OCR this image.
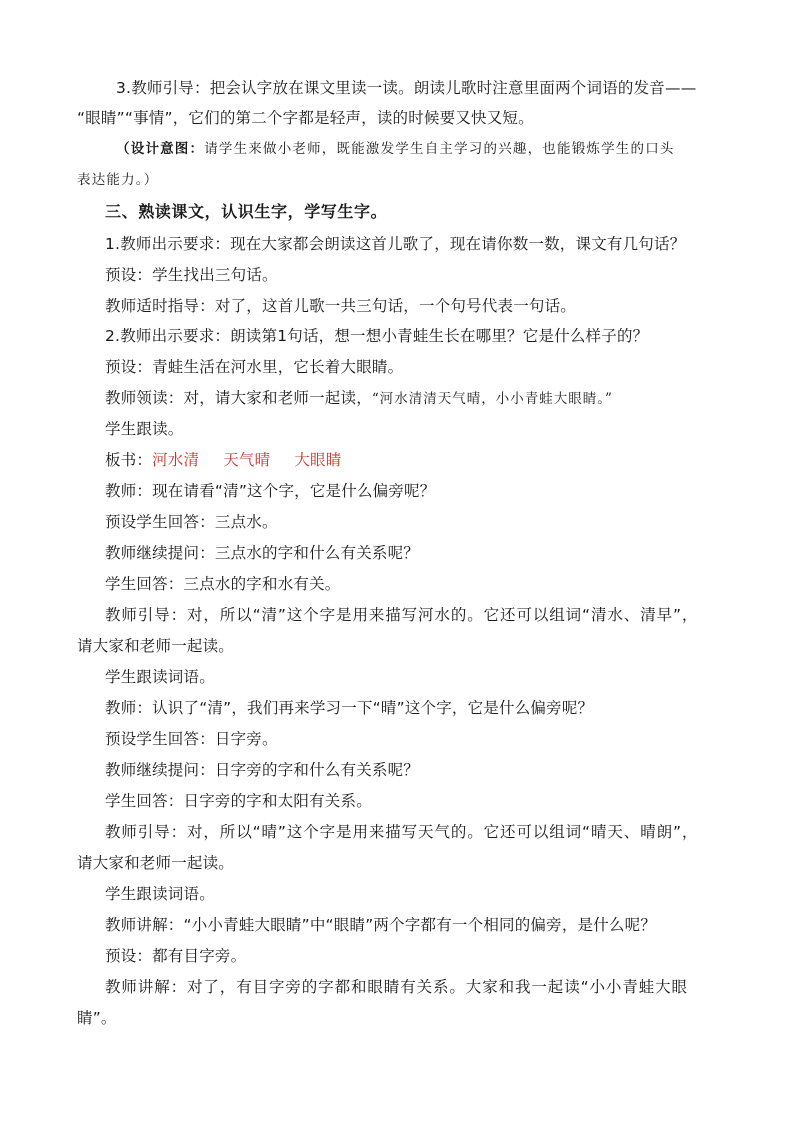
3.教师引导：把会认字放在课文里读一读。朗读儿歌时注意里面两个词语的发音——
“眼睛”“事情”，它们的第二个字都是轻声，读的时候要又快又短。
（设计意图：请学生来做小老师，既能激发学生自主学习的兴趣，也能锻炼学生的口头
表达能力。）
三、熟读课文，认识生字，学写生字。
1.教师出示要求：现在大家都会朗读这首儿歌了，现在请你数一数，课文有几句话？
预设：学生找出三句话。
教师适时指导：对了，这首儿歌一共三句话，一个句号代表一句话。
2.教师出示要求：朗读第1句话，想一想小青蛙生长在哪里？它是什么样子的？
预设：青蛙生活在河水里，它长着大眼睛。
教师领读：对，请大家和老师一起读，“河水清清天气晴，小小青蛙大眼睛。”
学生跟读。
板书：河水清 天气晴 大眼睛
教师：现在请看“清”这个字，它是什么偏旁呢？
预设学生回答：三点水。
教师继续提问：三点水的字和什么有关系呢？
学生回答：三点水的字和水有关。
教师引导：对，所以“清”这个字是用来描写河水的。它还可以组词“清水、清早”，
请大家和老师一起读。
学生跟读词语。
教师：认识了“清”，我们再来学习一下“晴”这个字，它是什么偏旁呢？
预设学生回答：日字旁。
教师继续提问：日字旁的字和什么有关系呢？
学生回答：日字旁的字和太阳有关系。
教师引导：对，所以“晴”这个字是用来描写天气的。它还可以组词“晴天、晴朗”，
请大家和老师一起读。
学生跟读词语。
教师讲解：“小小青蛙大眼睛”中“眼睛”两个字都有一个相同的偏旁，是什么呢？
预设：都有目字旁。
教师讲解：对了，有目字旁的字都和眼睛有关系。大家和我一起读“小小青蛙大眼
睛”。
